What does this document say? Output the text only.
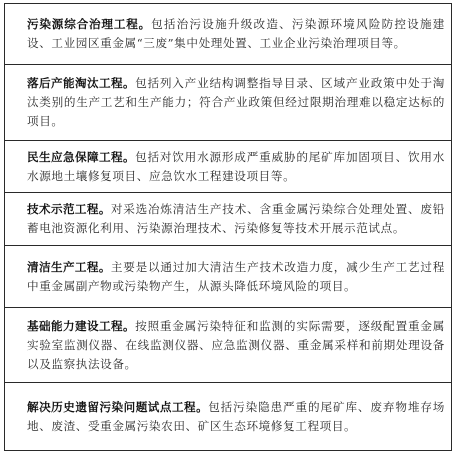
污染源综合治理工程。包括治污设施升级改造、污染源环境风险防控设施建设、工业园区重金属“三废”集中处理处置、工业企业污染治理项目等。

落后产能淘汰工程。包括列入产业结构调整指导目录、区域产业政策中处于淘汰类别的生产工艺和生产能力；符合产业政策但经过限期治理难以稳定达标的项目。

民生应急保障工程。包括对饮用水源形成严重威胁的尾矿库加固项目、饮用水水源地土壤修复项目、应急饮水工程建设项目等。

技术示范工程。对采选冶炼清洁生产技术、含重金属污染综合处理处置、废铅蓄电池资源化利用、污染源治理技术、污染修复等技术开展示范试点。

清洁生产工程。主要是以通过加大清洁生产技术改造力度，减少生产工艺过程中重金属副产物或污染物产生，从源头降低环境风险的项目。

基础能力建设工程。按照重金属污染特征和监测的实际需要，逐级配置重金属实验室监测仪器、在线监测仪器、应急监测仪器、重金属采样和前期处理设备以及监察执法设备。

解决历史遗留污染问题试点工程。包括污染隐患严重的尾矿库、废弃物堆存场地、废渣、受重金属污染农田、矿区生态环境修复工程项目。
